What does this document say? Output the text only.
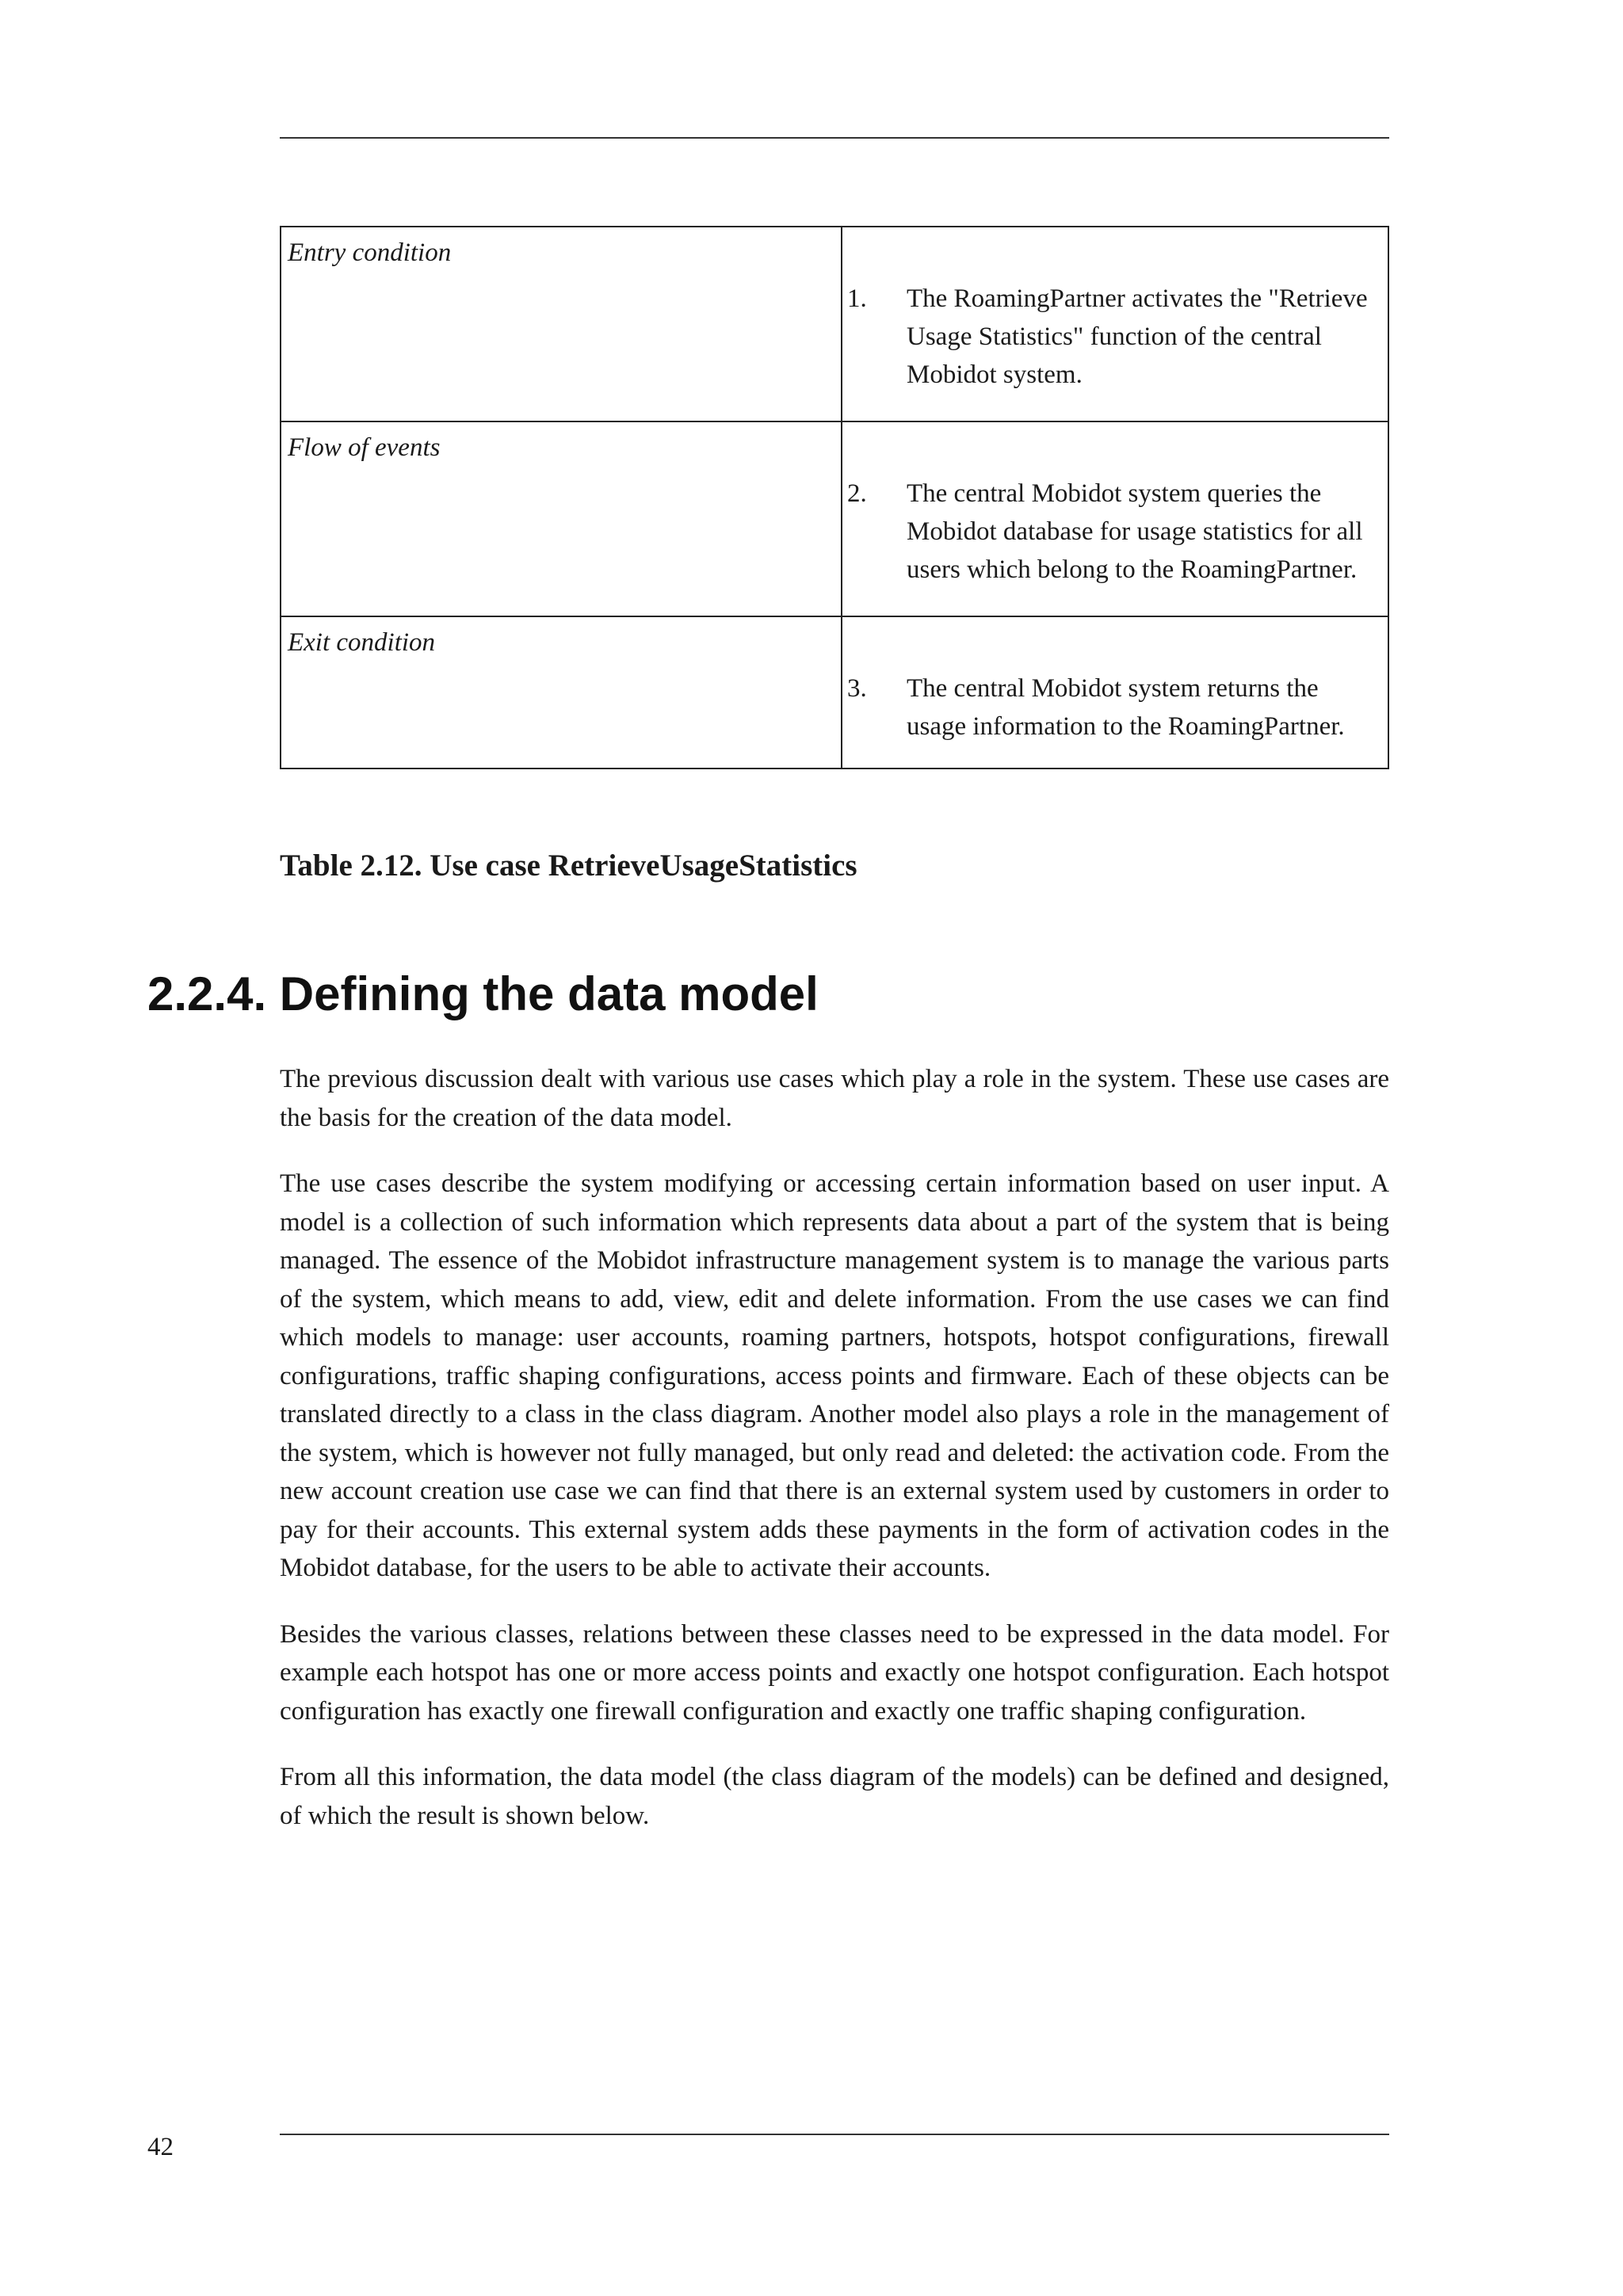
Entry condition	1. The RoamingPartner activates the "Retrieve Usage Statistics" function of the central Mobidot system.

Flow of events	2. The central Mobidot system queries the Mobidot database for usage statistics for all users which belong to the RoamingPartner.

Exit condition	3. The central Mobidot system returns the usage information to the RoamingPartner.
Table 2.12. Use case RetrieveUsageStatistics
2.2.4. Defining the data model

The previous discussion dealt with various use cases which play a role in the system. These use cases are the basis for the creation of the data model.

The use cases describe the system modifying or accessing certain information based on user input. A model is a collection of such information which represents data about a part of the system that is being managed. The essence of the Mobidot infrastructure management system is to manage the various parts of the system, which means to add, view, edit and delete information. From the use cases we can find which models to manage: user accounts, roaming partners, hotspots, hotspot configurations, firewall configurations, traffic shaping configurations, access points and firmware. Each of these objects can be translated directly to a class in the class diagram. Another model also plays a role in the management of the system, which is however not fully managed, but only read and deleted: the activation code. From the new account creation use case we can find that there is an external system used by customers in order to pay for their accounts. This external system adds these payments in the form of activation codes in the Mobidot database, for the users to be able to activate their accounts.

Besides the various classes, relations between these classes need to be expressed in the data model. For example each hotspot has one or more access points and exactly one hotspot configuration. Each hotspot configuration has exactly one firewall configuration and exactly one traffic shaping configuration.

From all this information, the data model (the class diagram of the models) can be defined and designed, of which the result is shown below.

42
